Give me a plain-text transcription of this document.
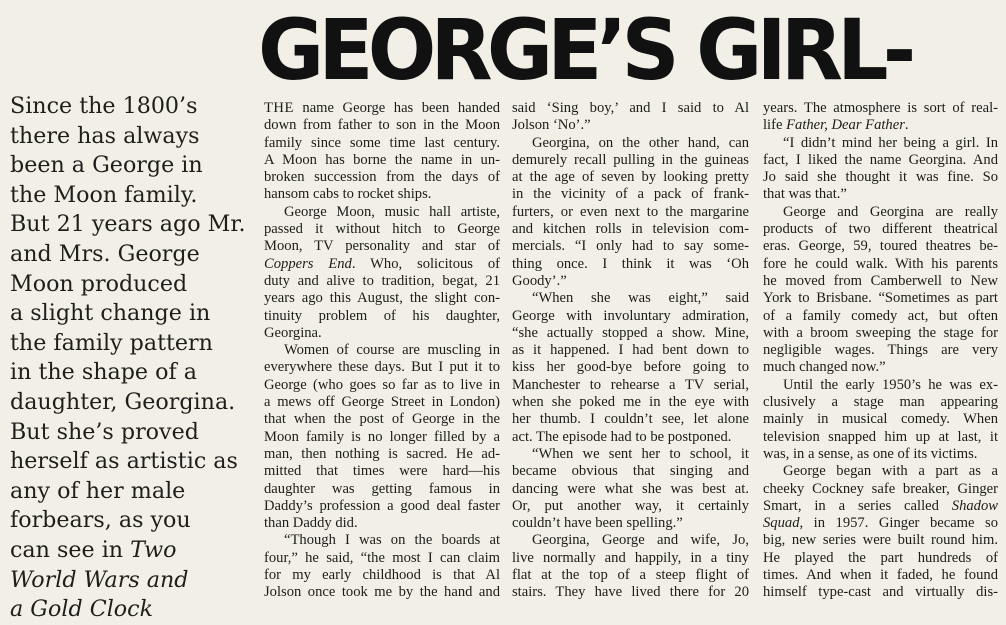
GEORGE’S GIRL-
Since the 1800’s
there has always
been a George in
the Moon family.
But 21 years ago Mr.
and Mrs. George
Moon produced
a slight change in
the family pattern
in the shape of a
daughter, Georgina.
But she’s proved
herself as artistic as
any of her male
forbears, as you
can see in Two
World Wars and
a Gold Clock
THE name George has been handed
down from father to son in the Moon
family since some time last century.
A Moon has borne the name in un-
broken succession from the days of
hansom cabs to rocket ships.
George Moon, music hall artiste,
passed it without hitch to George
Moon, TV personality and star of
Coppers End. Who, solicitous of
duty and alive to tradition, begat, 21
years ago this August, the slight con-
tinuity problem of his daughter,
Georgina.
Women of course are muscling in
everywhere these days. But I put it to
George (who goes so far as to live in
a mews off George Street in London)
that when the post of George in the
Moon family is no longer filled by a
man, then nothing is sacred. He ad-
mitted that times were hard—his
daughter was getting famous in
Daddy’s profession a good deal faster
than Daddy did.
“Though I was on the boards at
four,” he said, “the most I can claim
for my early childhood is that Al
Jolson once took me by the hand and
said ‘Sing boy,’ and I said to Al
Jolson ‘No’.”
Georgina, on the other hand, can
demurely recall pulling in the guineas
at the age of seven by looking pretty
in the vicinity of a pack of frank-
furters, or even next to the margarine
and kitchen rolls in television com-
mercials. “I only had to say some-
thing once. I think it was ‘Oh
Goody’.”
“When she was eight,” said
George with involuntary admiration,
“she actually stopped a show. Mine,
as it happened. I had bent down to
kiss her good-bye before going to
Manchester to rehearse a TV serial,
when she poked me in the eye with
her thumb. I couldn’t see, let alone
act. The episode had to be postponed.
“When we sent her to school, it
became obvious that singing and
dancing were what she was best at.
Or, put another way, it certainly
couldn’t have been spelling.”
Georgina, George and wife, Jo,
live normally and happily, in a tiny
flat at the top of a steep flight of
stairs. They have lived there for 20
years. The atmosphere is sort of real-
life Father, Dear Father.
“I didn’t mind her being a girl. In
fact, I liked the name Georgina. And
Jo said she thought it was fine. So
that was that.”
George and Georgina are really
products of two different theatrical
eras. George, 59, toured theatres be-
fore he could walk. With his parents
he moved from Camberwell to New
York to Brisbane. “Sometimes as part
of a family comedy act, but often
with a broom sweeping the stage for
negligible wages. Things are very
much changed now.”
Until the early 1950’s he was ex-
clusively a stage man appearing
mainly in musical comedy. When
television snapped him up at last, it
was, in a sense, as one of its victims.
George began with a part as a
cheeky Cockney safe breaker, Ginger
Smart, in a series called Shadow
Squad, in 1957. Ginger became so
big, new series were built round him.
He played the part hundreds of
times. And when it faded, he found
himself type-cast and virtually dis-
